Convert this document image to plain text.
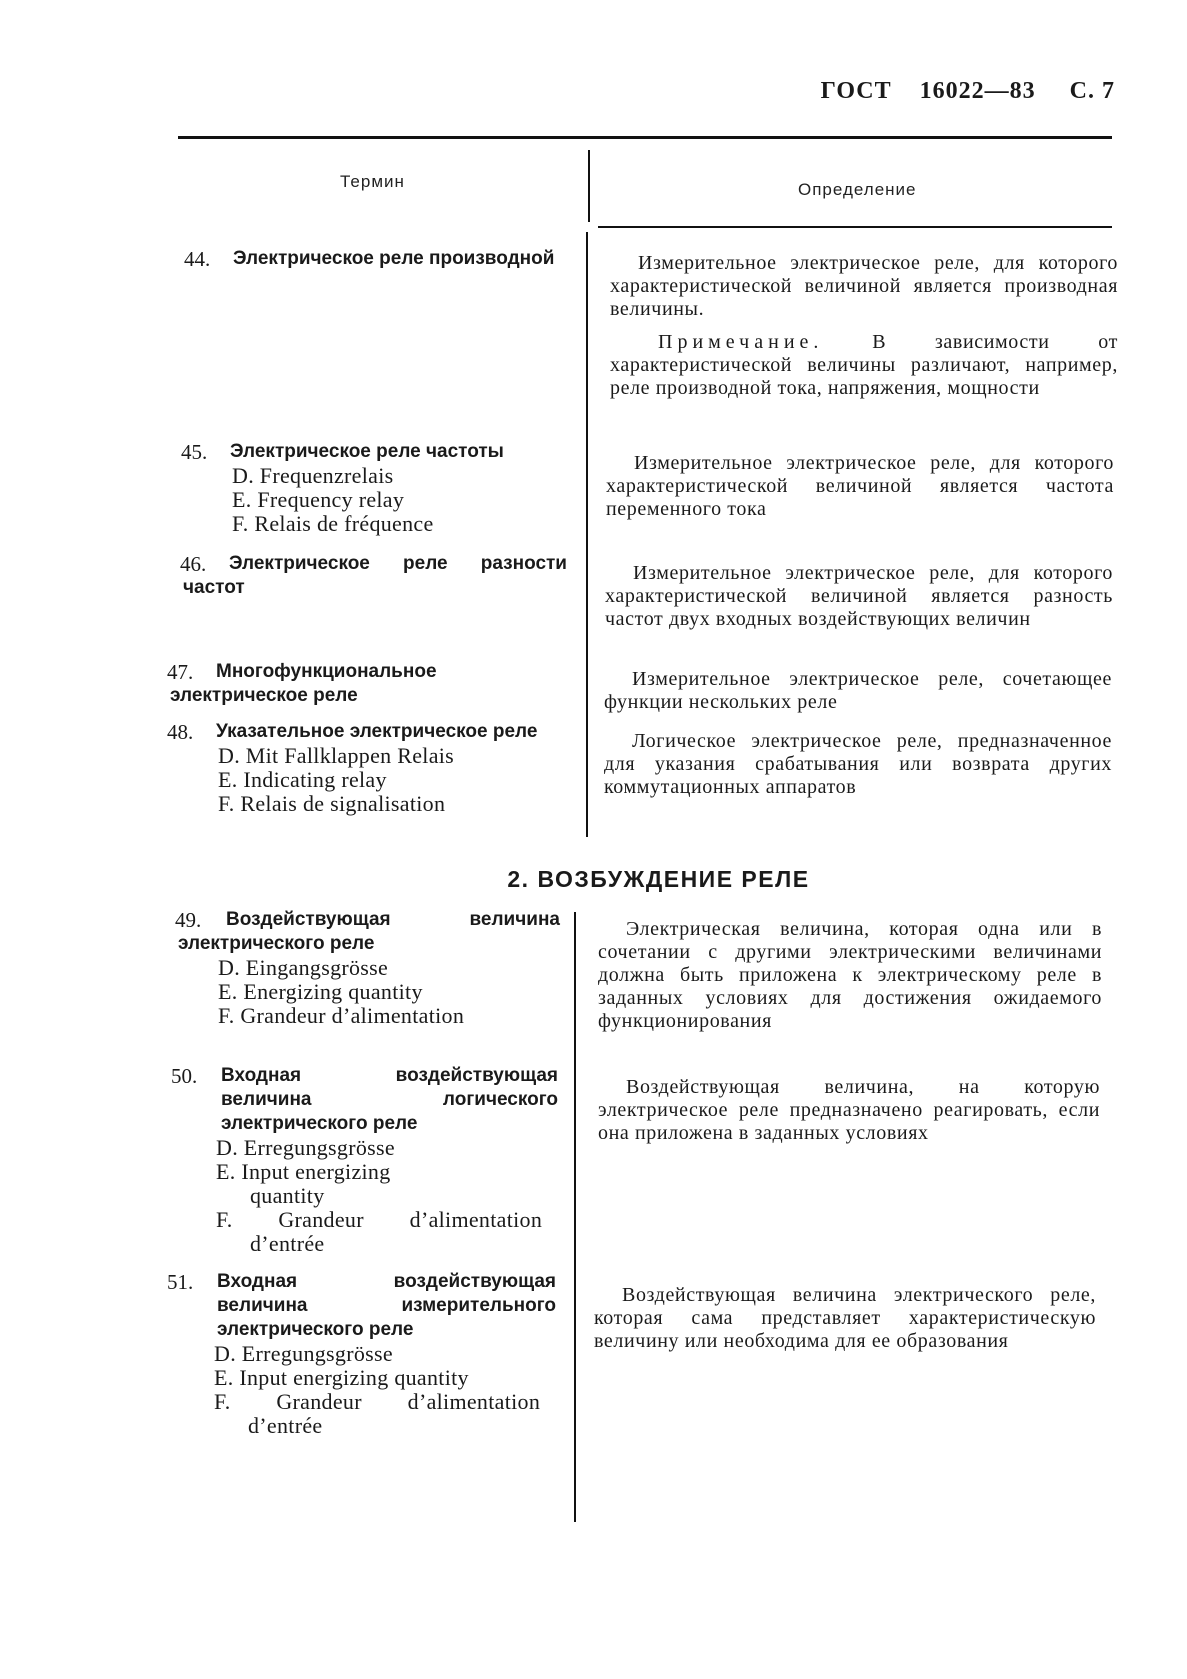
ГОСТ 16022—83 С. 7
Термин	Определение
44.	Электрическое реле производной	Измерительное электрическое реле, для которого характеристической величиной является производная величины.

Примечание. В зависимости от характеристической величины различают, например, реле производной тока, напряжения, мощности

45.	Электрическое реле частоты
D. Frequenzrelais
E. Frequency relay
F. Relais de fréquence

Измерительное электрическое реле, для которого характеристической величиной является частота переменного тока

46.	Электрическое реле разности частот

Измерительное электрическое реле, для которого характеристической величиной является разность частот двух входных воздействующих величин

47.	Многофункциональное электрическое реле

Измерительное электрическое реле, сочетающее функции нескольких реле

48.	Указательное электрическое реле
D. Mit Fallklappen Relais
E. Indicating relay
F. Relais de signalisation

Логическое электрическое реле, предназначенное для указания срабатывания или возврата других коммутационных аппаратов

2. ВОЗБУЖДЕНИЕ РЕЛЕ
49.	Воздействующая величина электрического реле
D. Eingangsgrösse
E. Energizing quantity
F. Grandeur d’alimentation

Электрическая величина, которая одна или в сочетании с другими электрическими величинами должна быть приложена к электрическому реле в заданных условиях для достижения ожидаемого функционирования

50.	Входная воздействующая величина логического электрического реле
D. Erregungsgrösse
E. Input energizing
quantity
F. Grandeur d’alimentation
d’entrée

Воздействующая величина, на которую электрическое реле предназначено реагировать, если она приложена в заданных условиях

51.	Входная воздействующая величина измерительного электрического реле
D. Erregungsgrösse
E. Input energizing quantity
F. Grandeur d’alimentation
d’entrée

Воздействующая величина электрического реле, которая сама представляет характеристическую величину или необходима для ее образования
